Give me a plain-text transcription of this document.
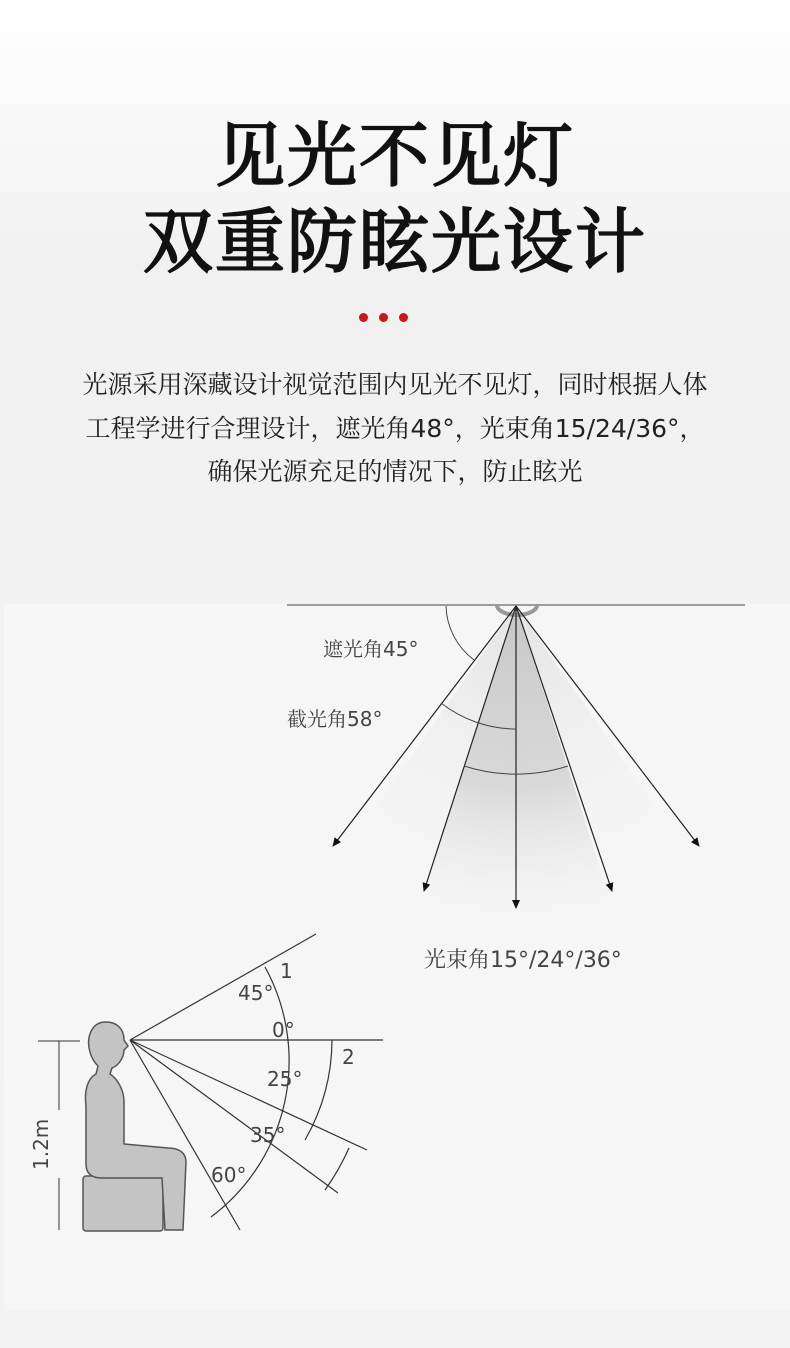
见光不见灯
双重防眩光设计
光源采用深藏设计视觉范围内见光不见灯，同时根据人体
工程学进行合理设计，遮光角48°，光束角15/24/36°，
确保光源充足的情况下，防止眩光
遮光角45°
截光角58°
光束角15°/24°/36°
1.2m
1
45°
0°
2
25°
35°
60°
